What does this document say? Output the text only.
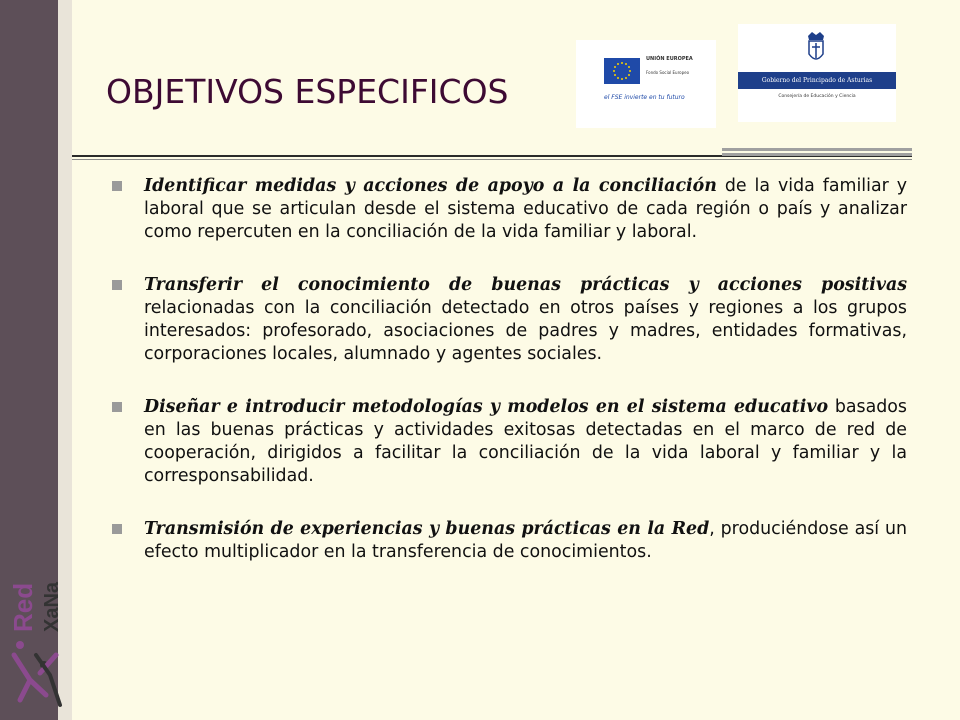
Red XaNa
OBJETIVOS ESPECIFICOS
UNIÓN EUROPEA
Fondo Social Europeo
el FSE invierte en tu futuro
Gobierno del Principado de Asturias
Consejería de Educación y Ciencia
Identificar medidas y acciones de apoyo a la conciliación de la vida familiar y laboral que se articulan desde el sistema educativo de cada región o país y analizar como repercuten en la conciliación de la vida familiar y laboral.
Transferir el conocimiento de buenas prácticas y acciones positivas relacionadas con la conciliación detectado en otros países y regiones a los grupos interesados: profesorado, asociaciones de padres y madres, entidades formativas, corporaciones locales, alumnado y agentes sociales.
Diseñar e introducir metodologías y modelos en el sistema educativo basados en las buenas prácticas y actividades exitosas detectadas en el marco de red de cooperación, dirigidos a facilitar la conciliación de la vida laboral y familiar y la corresponsabilidad.
Transmisión de experiencias y buenas prácticas en la Red, produciéndose así un efecto multiplicador en la transferencia de conocimientos.
